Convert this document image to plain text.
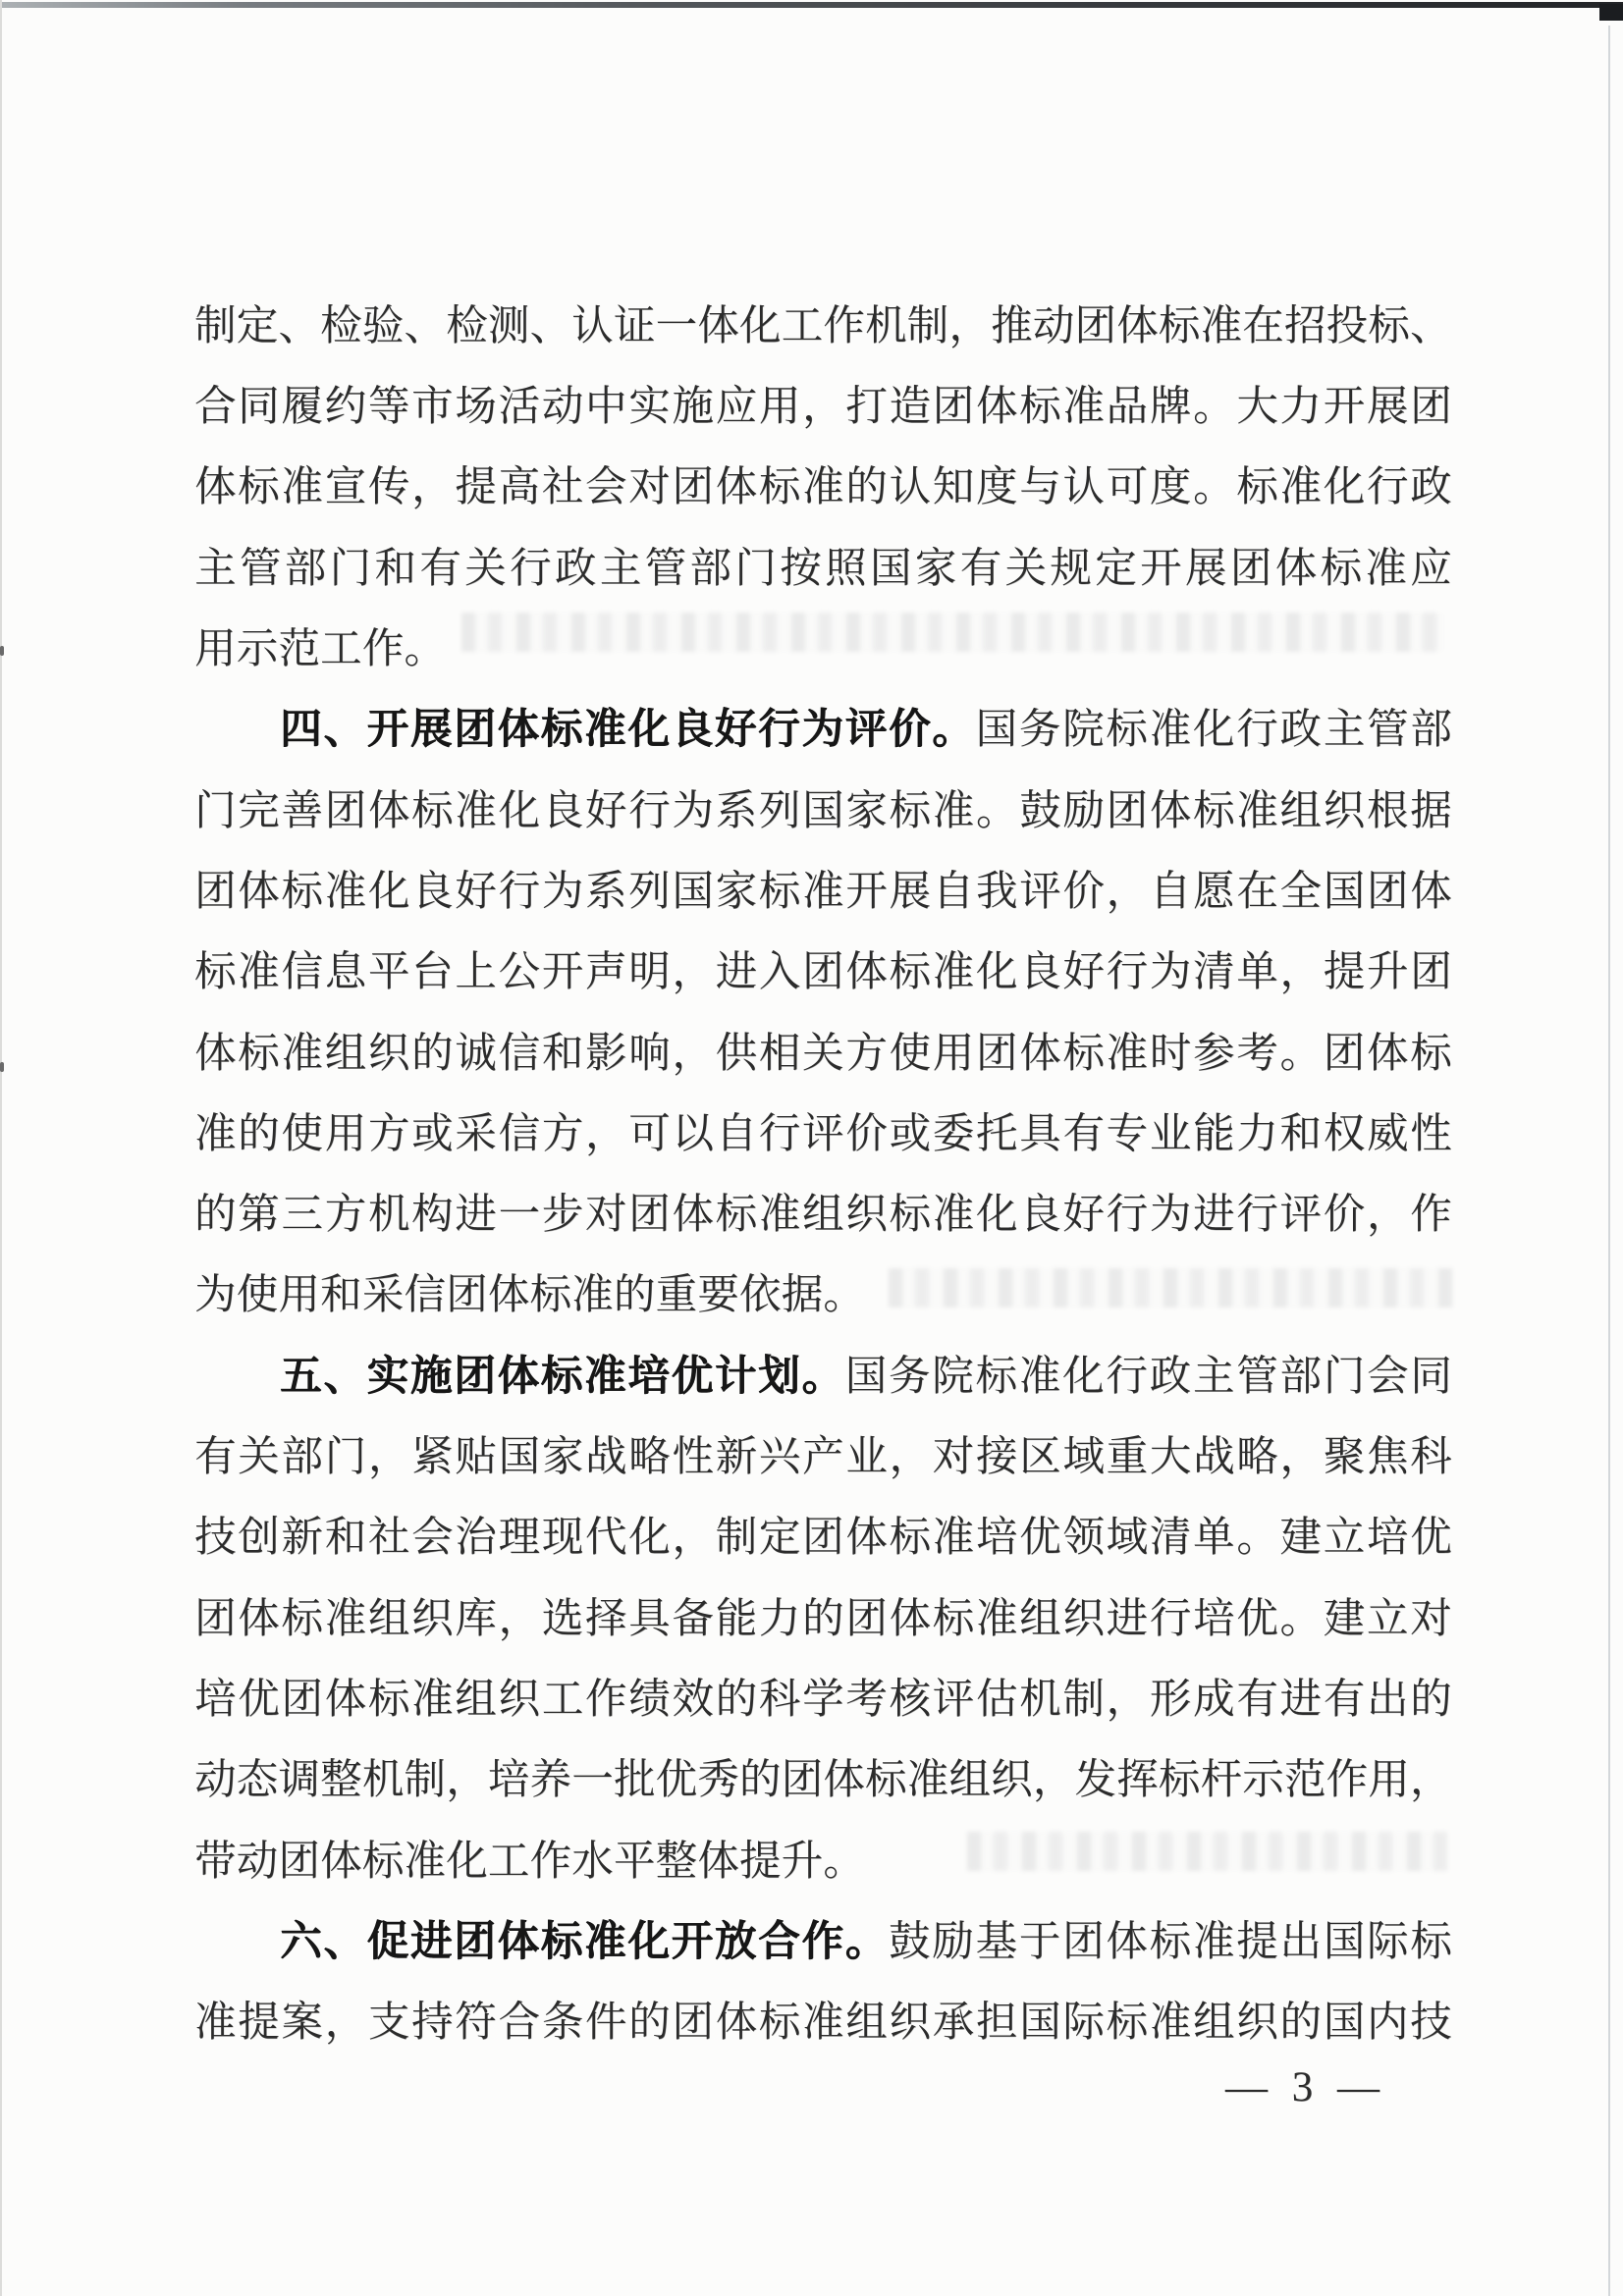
制 定 、 检 验 、 检 测 、 认 证 一 体 化 工 作 机 制 ， 推 动 团 体 标 准 在 招 投 标 、
合 同 履 约 等 市 场 活 动 中 实 施 应 用 ， 打 造 团 体 标 准 品 牌 。 大 力 开 展 团
体 标 准 宣 传 ， 提 高 社 会 对 团 体 标 准 的 认 知 度 与 认 可 度 。 标 准 化 行 政
主 管 部 门 和 有 关 行 政 主 管 部 门 按 照 国 家 有 关 规 定 开 展 团 体 标 准 应
用 示 范 工 作 。
四 、 开 展 团 体 标 准 化 良 好 行 为 评 价 。 国 务 院 标 准 化 行 政 主 管 部
门 完 善 团 体 标 准 化 良 好 行 为 系 列 国 家 标 准 。 鼓 励 团 体 标 准 组 织 根 据
团 体 标 准 化 良 好 行 为 系 列 国 家 标 准 开 展 自 我 评 价 ， 自 愿 在 全 国 团 体
标 准 信 息 平 台 上 公 开 声 明 ， 进 入 团 体 标 准 化 良 好 行 为 清 单 ， 提 升 团
体 标 准 组 织 的 诚 信 和 影 响 ， 供 相 关 方 使 用 团 体 标 准 时 参 考 。 团 体 标
准 的 使 用 方 或 采 信 方 ， 可 以 自 行 评 价 或 委 托 具 有 专 业 能 力 和 权 威 性
的 第 三 方 机 构 进 一 步 对 团 体 标 准 组 织 标 准 化 良 好 行 为 进 行 评 价 ， 作
为 使 用 和 采 信 团 体 标 准 的 重 要 依 据 。
五 、 实 施 团 体 标 准 培 优 计 划 。 国 务 院 标 准 化 行 政 主 管 部 门 会 同
有 关 部 门 ， 紧 贴 国 家 战 略 性 新 兴 产 业 ， 对 接 区 域 重 大 战 略 ， 聚 焦 科
技 创 新 和 社 会 治 理 现 代 化 ， 制 定 团 体 标 准 培 优 领 域 清 单 。 建 立 培 优
团 体 标 准 组 织 库 ， 选 择 具 备 能 力 的 团 体 标 准 组 织 进 行 培 优 。 建 立 对
培 优 团 体 标 准 组 织 工 作 绩 效 的 科 学 考 核 评 估 机 制 ， 形 成 有 进 有 出 的
动 态 调 整 机 制 ， 培 养 一 批 优 秀 的 团 体 标 准 组 织 ， 发 挥 标 杆 示 范 作 用 ，
带 动 团 体 标 准 化 工 作 水 平 整 体 提 升 。
六 、 促 进 团 体 标 准 化 开 放 合 作 。 鼓 励 基 于 团 体 标 准 提 出 国 际 标
准 提 案 ， 支 持 符 合 条 件 的 团 体 标 准 组 织 承 担 国 际 标 准 组 织 的 国 内 技
— 3 —
